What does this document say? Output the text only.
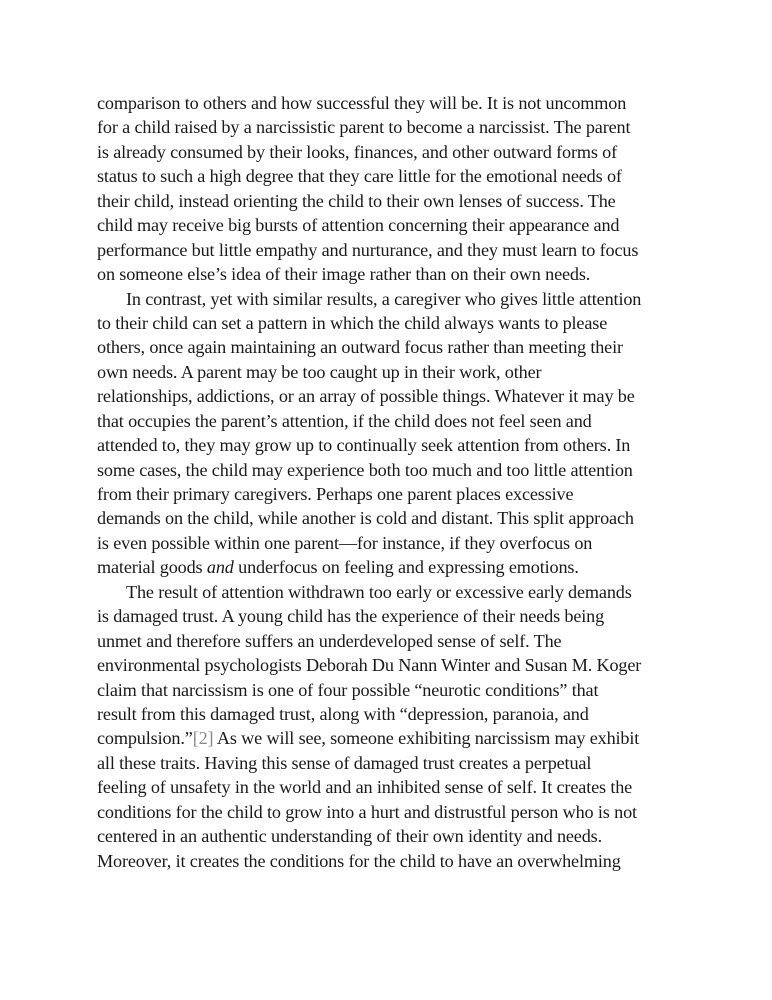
comparison to others and how successful they will be. It is not uncommon
for a child raised by a narcissistic parent to become a narcissist. The parent
is already consumed by their looks, finances, and other outward forms of
status to such a high degree that they care little for the emotional needs of
their child, instead orienting the child to their own lenses of success. The
child may receive big bursts of attention concerning their appearance and
performance but little empathy and nurturance, and they must learn to focus
on someone else’s idea of their image rather than on their own needs.
In contrast, yet with similar results, a caregiver who gives little attention
to their child can set a pattern in which the child always wants to please
others, once again maintaining an outward focus rather than meeting their
own needs. A parent may be too caught up in their work, other
relationships, addictions, or an array of possible things. Whatever it may be
that occupies the parent’s attention, if the child does not feel seen and
attended to, they may grow up to continually seek attention from others. In
some cases, the child may experience both too much and too little attention
from their primary caregivers. Perhaps one parent places excessive
demands on the child, while another is cold and distant. This split approach
is even possible within one parent—for instance, if they overfocus on
material goods and underfocus on feeling and expressing emotions.
The result of attention withdrawn too early or excessive early demands
is damaged trust. A young child has the experience of their needs being
unmet and therefore suffers an underdeveloped sense of self. The
environmental psychologists Deborah Du Nann Winter and Susan M. Koger
claim that narcissism is one of four possible “neurotic conditions” that
result from this damaged trust, along with “depression, paranoia, and
compulsion.”[2] As we will see, someone exhibiting narcissism may exhibit
all these traits. Having this sense of damaged trust creates a perpetual
feeling of unsafety in the world and an inhibited sense of self. It creates the
conditions for the child to grow into a hurt and distrustful person who is not
centered in an authentic understanding of their own identity and needs.
Moreover, it creates the conditions for the child to have an overwhelming
